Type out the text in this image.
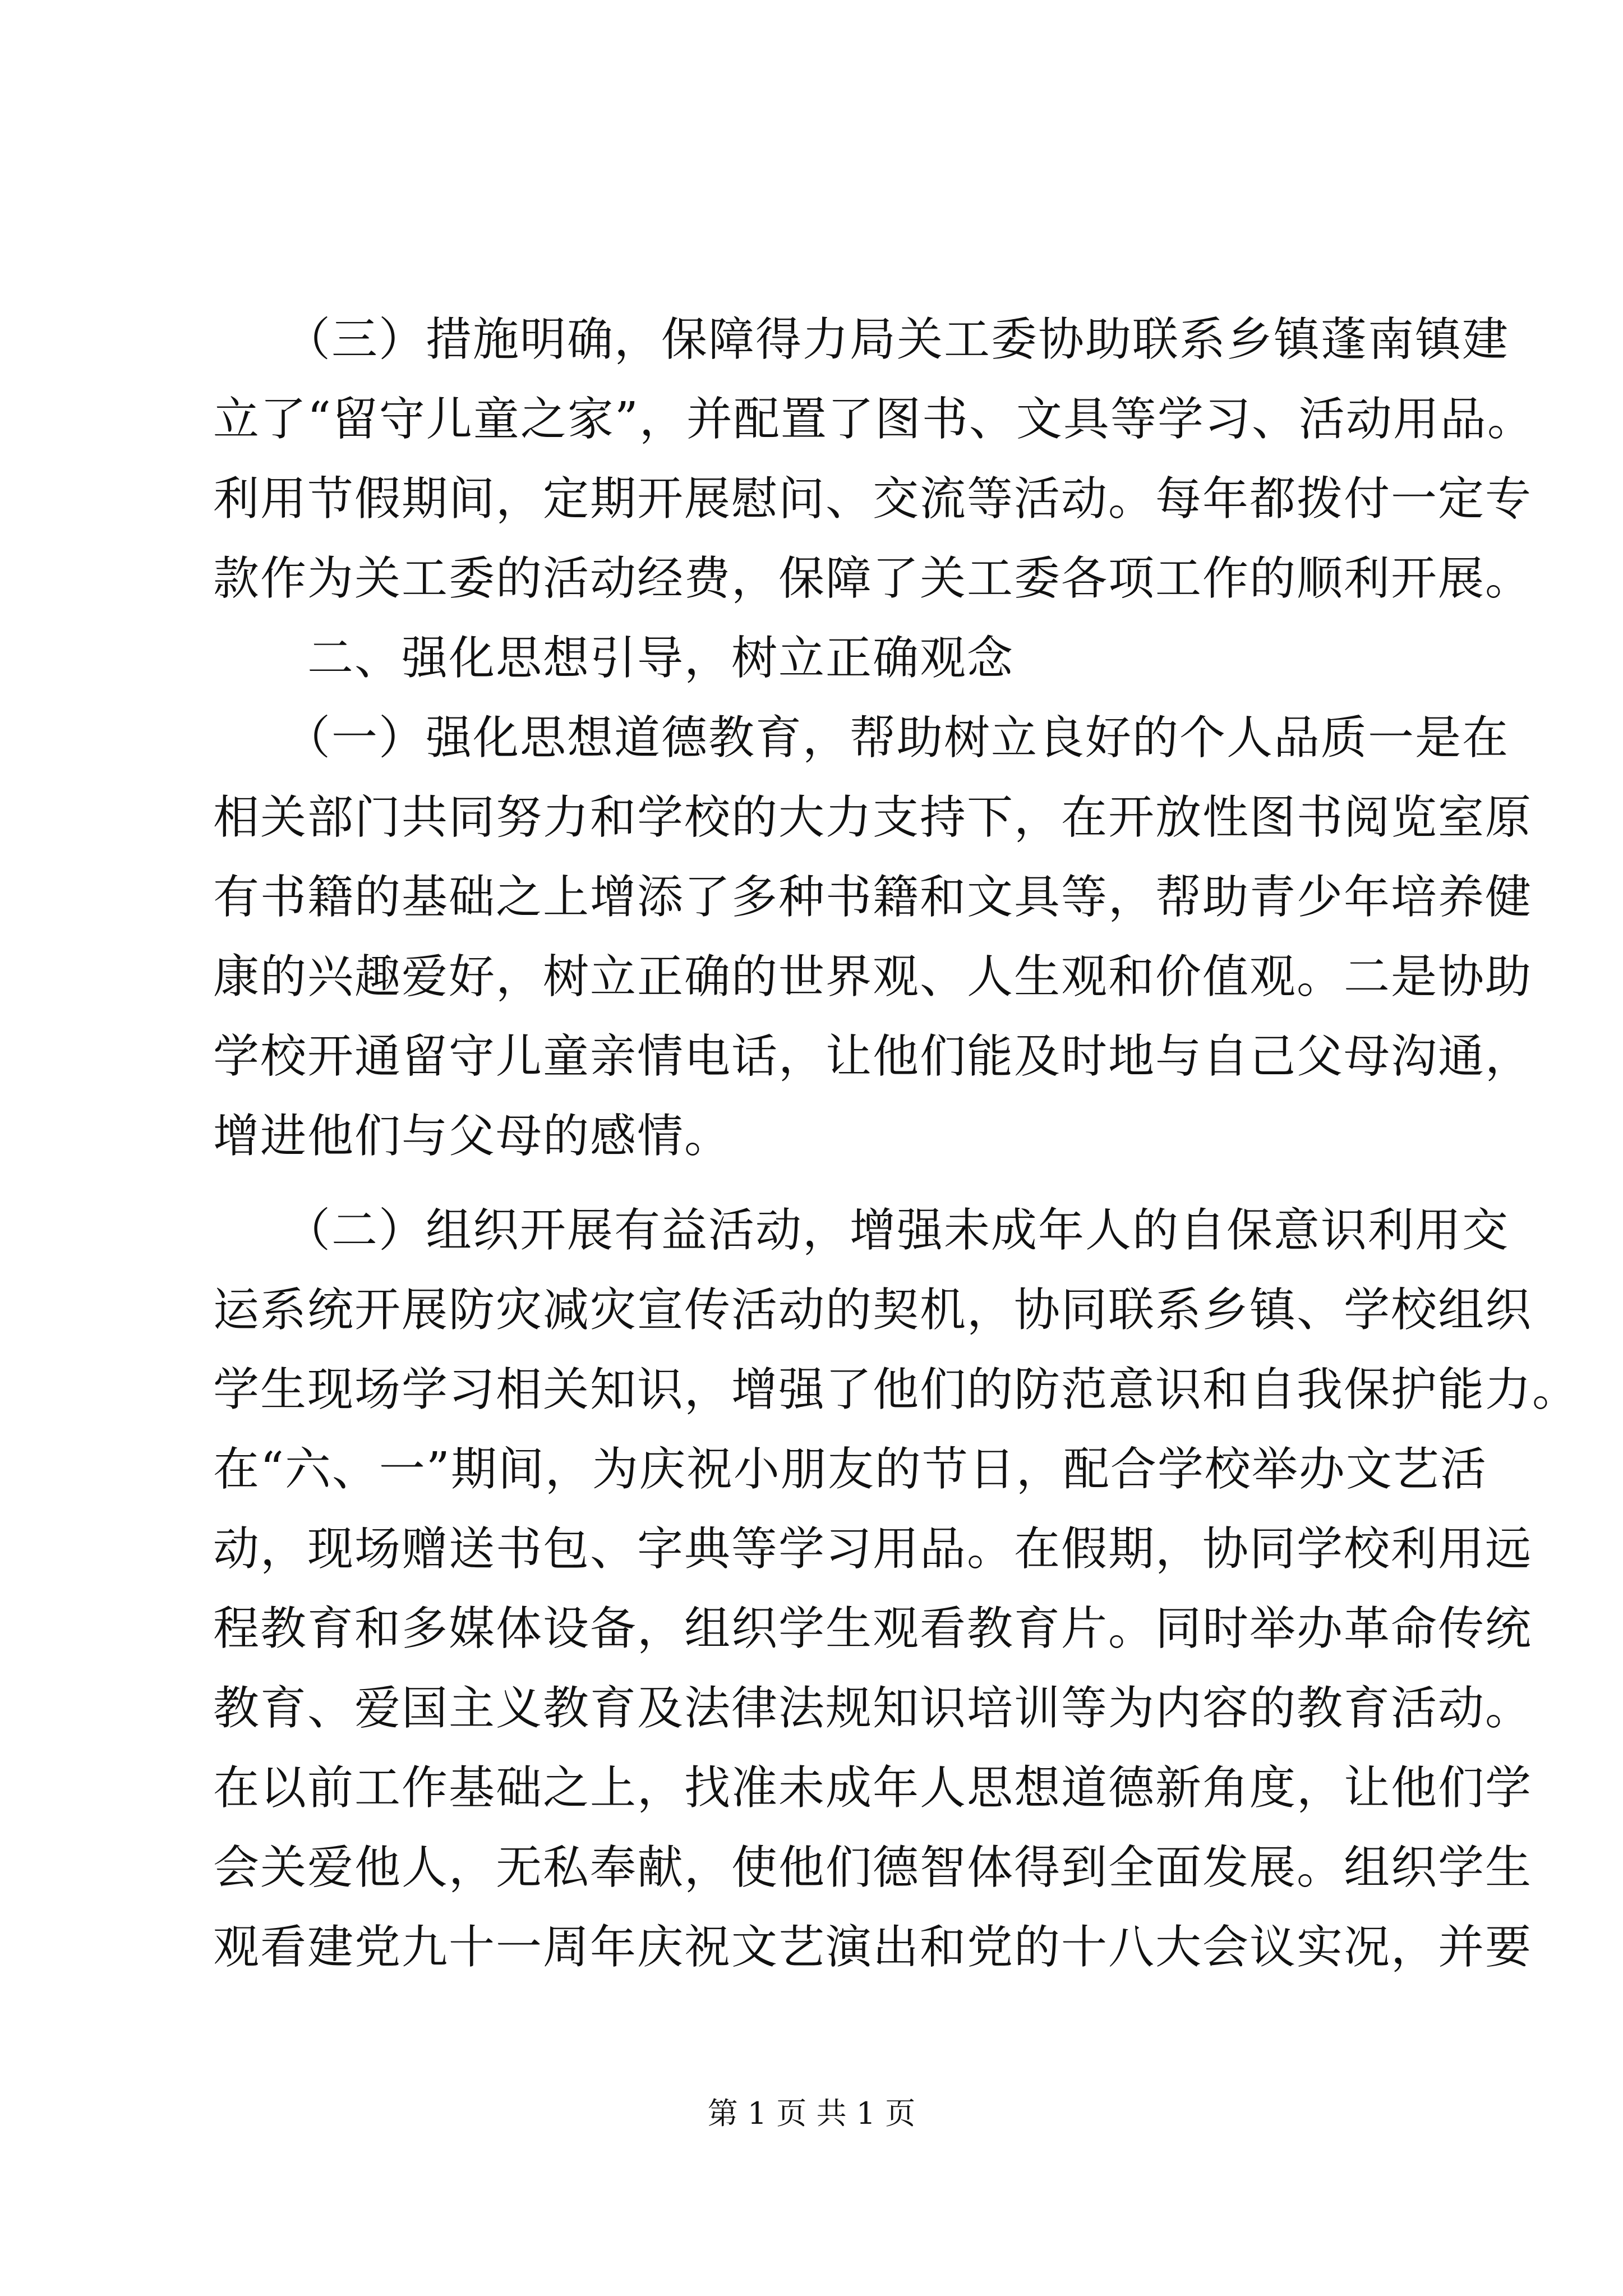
　　（三）措施明确，保障得力局关工委协助联系乡镇蓬南镇建
立了“留守儿童之家”，并配置了图书、文具等学习、活动用品。
利用节假期间，定期开展慰问、交流等活动。每年都拨付一定专
款作为关工委的活动经费，保障了关工委各项工作的顺利开展。
　　二、强化思想引导，树立正确观念
　　（一）强化思想道德教育，帮助树立良好的个人品质一是在
相关部门共同努力和学校的大力支持下，在开放性图书阅览室原
有书籍的基础之上增添了多种书籍和文具等，帮助青少年培养健
康的兴趣爱好，树立正确的世界观、人生观和价值观。二是协助
学校开通留守儿童亲情电话，让他们能及时地与自己父母沟通，
增进他们与父母的感情。
　　（二）组织开展有益活动，增强未成年人的自保意识利用交
运系统开展防灾减灾宣传活动的契机，协同联系乡镇、学校组织
学生现场学习相关知识，增强了他们的防范意识和自我保护能力。
在“六、一”期间，为庆祝小朋友的节日，配合学校举办文艺活
动，现场赠送书包、字典等学习用品。在假期，协同学校利用远
程教育和多媒体设备，组织学生观看教育片。同时举办革命传统
教育、爱国主义教育及法律法规知识培训等为内容的教育活动。
在以前工作基础之上，找准未成年人思想道德新角度，让他们学
会关爱他人，无私奉献，使他们德智体得到全面发展。组织学生
观看建党九十一周年庆祝文艺演出和党的十八大会议实况，并要
第 1 页 共 1 页
